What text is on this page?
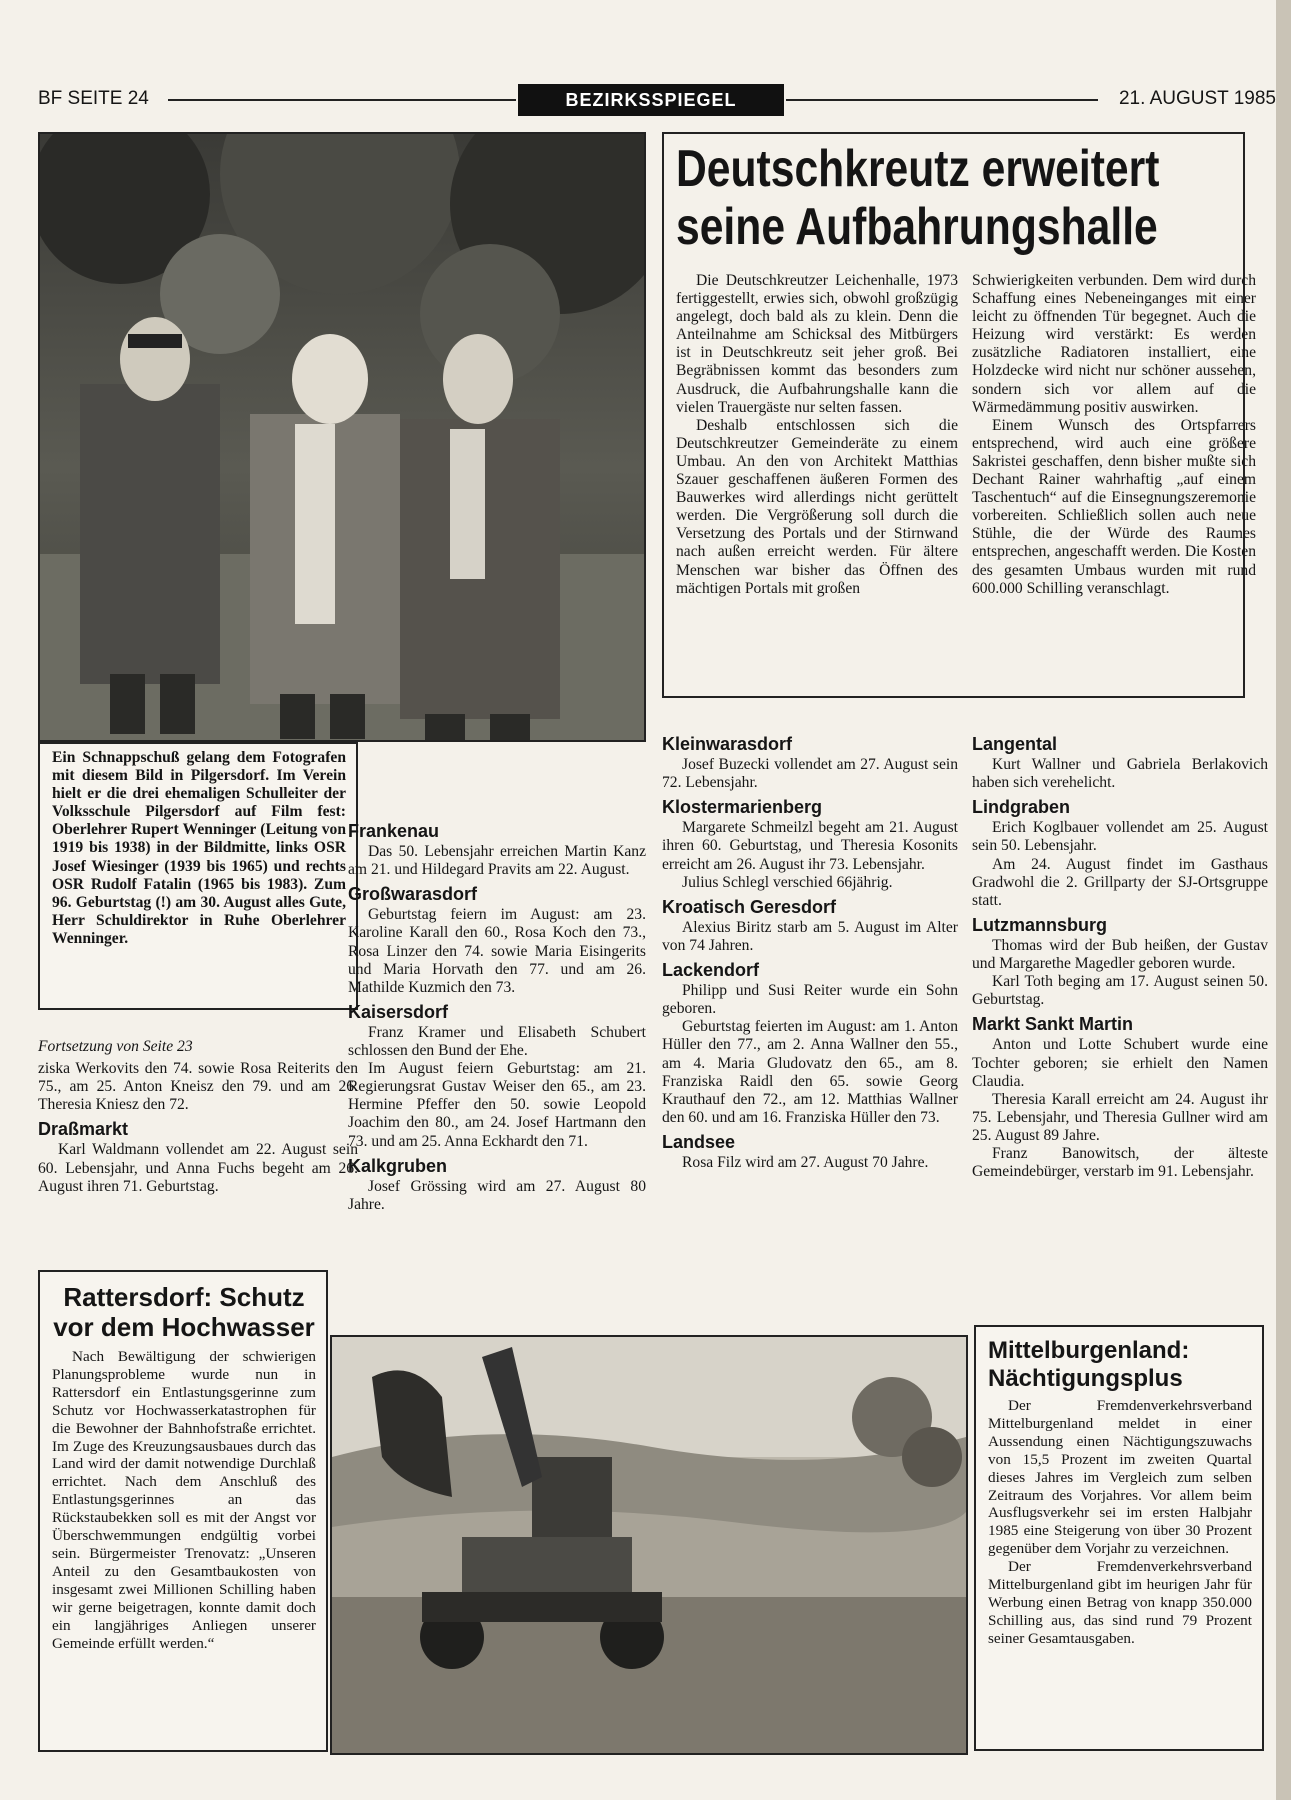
BF SEITE 24	BEZIRKSSPIEGEL	21. AUGUST 1985
Ein Schnappschuß gelang dem Fotografen mit diesem Bild in Pilgersdorf. Im Verein hielt er die drei ehemaligen Schulleiter der Volksschule Pilgersdorf auf Film fest: Oberlehrer Rupert Wenninger (Leitung von 1919 bis 1938) in der Bildmitte, links OSR Josef Wiesinger (1939 bis 1965) und rechts OSR Rudolf Fatalin (1965 bis 1983). Zum 96. Geburtstag (!) am 30. August alles Gute, Herr Schuldirektor in Ruhe Oberlehrer Wenninger.
Deutschkreutz erweitert
seine Aufbahrungshalle

Die Deutschkreutzer Leichenhalle, 1973 fertiggestellt, erwies sich, obwohl großzügig angelegt, doch bald als zu klein. Denn die Anteilnahme am Schicksal des Mitbürgers ist in Deutschkreutz seit jeher groß. Bei Begräbnissen kommt das besonders zum Ausdruck, die Aufbahrungshalle kann die vielen Trauergäste nur selten fassen.

Deshalb entschlossen sich die Deutschkreutzer Gemeinderäte zu einem Umbau. An den von Architekt Matthias Szauer geschaffenen äußeren Formen des Bauwerkes wird allerdings nicht gerüttelt werden. Die Vergrößerung soll durch die Versetzung des Portals und der Stirnwand nach außen erreicht werden. Für ältere Menschen war bisher das Öffnen des mächtigen Portals mit großen

Schwierigkeiten verbunden. Dem wird durch Schaffung eines Nebeneinganges mit einer leicht zu öffnenden Tür begegnet. Auch die Heizung wird verstärkt: Es werden zusätzliche Radiatoren installiert, eine Holzdecke wird nicht nur schöner aussehen, sondern sich vor allem auf die Wärmedämmung positiv auswirken.

Einem Wunsch des Ortspfarrers entsprechend, wird auch eine größere Sakristei geschaffen, denn bisher mußte sich Dechant Rainer wahrhaftig „auf einem Taschentuch“ auf die Einsegnungszeremonie vorbereiten. Schließlich sollen auch neue Stühle, die der Würde des Raumes entsprechen, angeschafft werden. Die Kosten des gesamten Umbaus wurden mit rund 600.000 Schilling veranschlagt.

Fortsetzung von Seite 23

ziska Werkovits den 74. sowie Rosa Reiterits den 75., am 25. Anton Kneisz den 79. und am 26. Theresia Kniesz den 72.

Draßmarkt

Karl Waldmann vollendet am 22. August sein 60. Lebensjahr, und Anna Fuchs begeht am 26. August ihren 71. Geburtstag.

Frankenau

Das 50. Lebensjahr erreichen Martin Kanz am 21. und Hildegard Pravits am 22. August.

Großwarasdorf

Geburtstag feiern im August: am 23. Karoline Karall den 60., Rosa Koch den 73., Rosa Linzer den 74. sowie Maria Eisingerits und Maria Horvath den 77. und am 26. Mathilde Kuzmich den 73.

Kaisersdorf

Franz Kramer und Elisabeth Schubert schlossen den Bund der Ehe.

Im August feiern Geburtstag: am 21. Regierungsrat Gustav Weiser den 65., am 23. Hermine Pfeffer den 50. sowie Leopold Joachim den 80., am 24. Josef Hartmann den 73. und am 25. Anna Eckhardt den 71.

Kalkgruben

Josef Grössing wird am 27. August 80 Jahre.

Kleinwarasdorf

Josef Buzecki vollendet am 27. August sein 72. Lebensjahr.

Klostermarienberg

Margarete Schmeilzl begeht am 21. August ihren 60. Geburtstag, und Theresia Kosonits erreicht am 26. August ihr 73. Lebensjahr.

Julius Schlegl verschied 66jährig.

Kroatisch Geresdorf

Alexius Biritz starb am 5. August im Alter von 74 Jahren.

Lackendorf

Philipp und Susi Reiter wurde ein Sohn geboren.

Geburtstag feierten im August: am 1. Anton Hüller den 77., am 2. Anna Wallner den 55., am 4. Maria Gludovatz den 65., am 8. Franziska Raidl den 65. sowie Georg Krauthauf den 72., am 12. Matthias Wallner den 60. und am 16. Franziska Hüller den 73.

Landsee

Rosa Filz wird am 27. August 70 Jahre.

Langental

Kurt Wallner und Gabriela Berlakovich haben sich verehelicht.

Lindgraben

Erich Koglbauer vollendet am 25. August sein 50. Lebensjahr.

Am 24. August findet im Gasthaus Gradwohl die 2. Grillparty der SJ-Ortsgruppe statt.

Lutzmannsburg

Thomas wird der Bub heißen, der Gustav und Margarethe Magedler geboren wurde.

Karl Toth beging am 17. August seinen 50. Geburtstag.

Markt Sankt Martin

Anton und Lotte Schubert wurde eine Tochter geboren; sie erhielt den Namen Claudia.

Theresia Karall erreicht am 24. August ihr 75. Lebensjahr, und Theresia Gullner wird am 25. August 89 Jahre.

Franz Banowitsch, der älteste Gemeindebürger, verstarb im 91. Lebensjahr.

Rattersdorf: Schutz
vor dem Hochwasser

Nach Bewältigung der schwierigen Planungsprobleme wurde nun in Rattersdorf ein Entlastungsgerinne zum Schutz vor Hochwasserkatastrophen für die Bewohner der Bahnhofstraße errichtet. Im Zuge des Kreuzungsausbaues durch das Land wird der damit notwendige Durchlaß errichtet. Nach dem Anschluß des Entlastungsgerinnes an das Rückstaubekken soll es mit der Angst vor Überschwemmungen endgültig vorbei sein. Bürgermeister Trenovatz: „Unseren Anteil zu den Gesamtbaukosten von insgesamt zwei Millionen Schilling haben wir gerne beigetragen, konnte damit doch ein langjähriges Anliegen unserer Gemeinde erfüllt werden.“

Mittelburgenland:
Nächtigungsplus

Der Fremdenverkehrsverband Mittelburgenland meldet in einer Aussendung einen Nächtigungszuwachs von 15,5 Prozent im zweiten Quartal dieses Jahres im Vergleich zum selben Zeitraum des Vorjahres. Vor allem beim Ausflugsverkehr sei im ersten Halbjahr 1985 eine Steigerung von über 30 Prozent gegenüber dem Vorjahr zu verzeichnen.

Der Fremdenverkehrsverband Mittelburgenland gibt im heurigen Jahr für Werbung einen Betrag von knapp 350.000 Schilling aus, das sind rund 79 Prozent seiner Gesamtausgaben.
